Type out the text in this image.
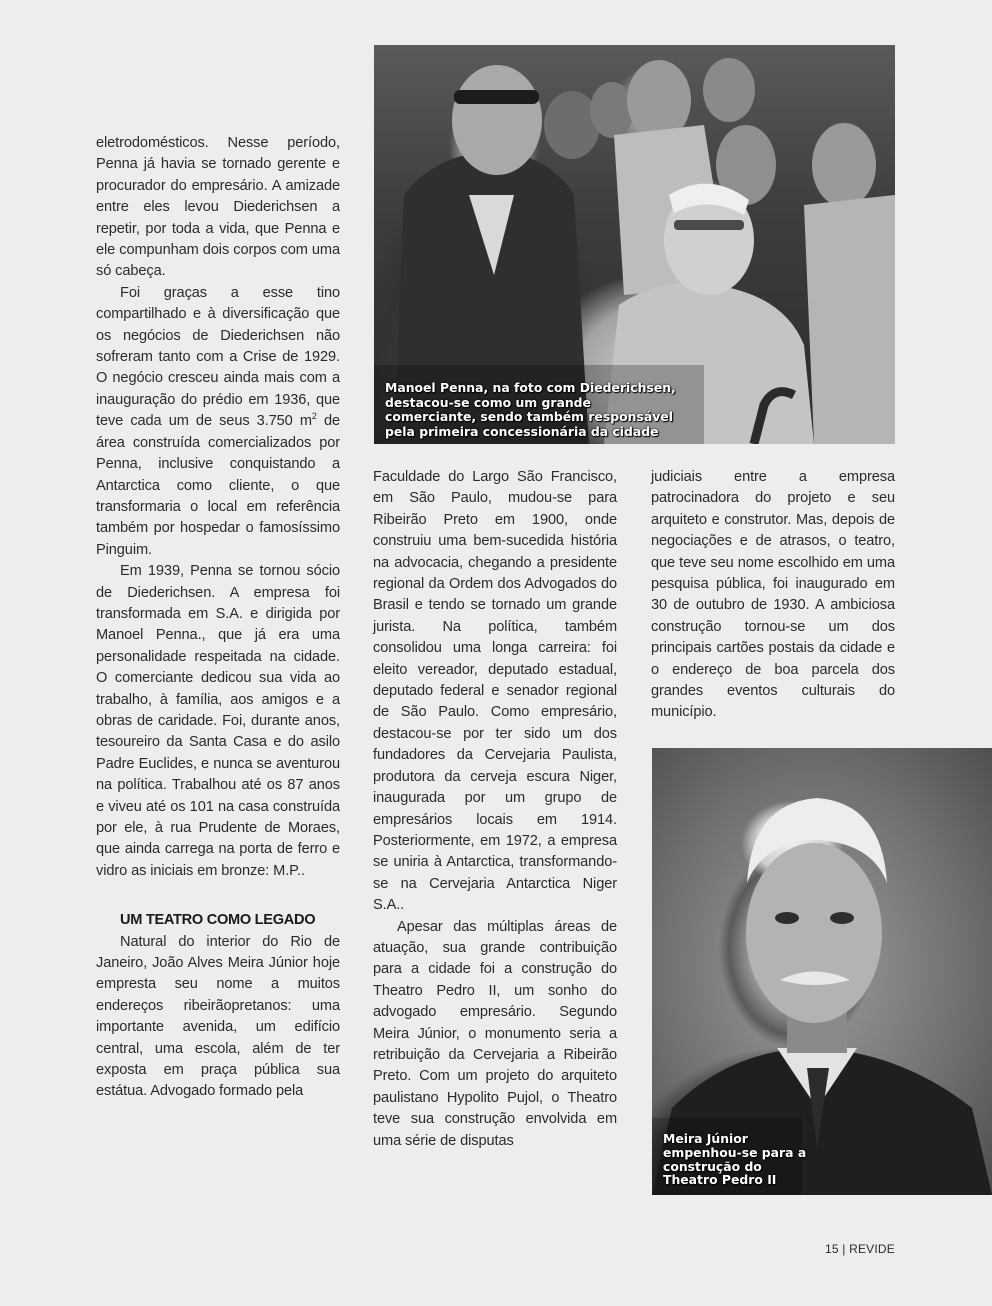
eletrodomésticos. Nesse período, Penna já havia se tornado gerente e procurador do empresário. A amizade entre eles levou Diederichsen a repetir, por toda a vida, que Penna e ele compunham dois corpos com uma só cabeça.

Foi graças a esse tino compartilhado e à diversificação que os negócios de Diederichsen não sofreram tanto com a Crise de 1929. O negócio cresceu ainda mais com a inauguração do prédio em 1936, que teve cada um de seus 3.750 $m^2$ de área construída comercializados por Penna, inclusive conquistando a Antarctica como cliente, o que transformaria o local em referência também por hospedar o famosíssimo Pinguim.

Em 1939, Penna se tornou sócio de Diederichsen. A empresa foi transformada em S.A. e dirigida por Manoel Penna., que já era uma personalidade respeitada na cidade. O comerciante dedicou sua vida ao trabalho, à família, aos amigos e a obras de caridade. Foi, durante anos, tesoureiro da Santa Casa e do asilo Padre Euclides, e nunca se aventurou na política. Trabalhou até os 87 anos e viveu até os 101 na casa construída por ele, à rua Prudente de Moraes, que ainda carrega na porta de ferro e vidro as iniciais em bronze: M.P..

UM TEATRO COMO LEGADO

Natural do interior do Rio de Janeiro, João Alves Meira Júnior hoje empresta seu nome a muitos endereços ribeirãopretanos: uma importante avenida, um edifício central, uma escola, além de ter exposta em praça pública sua estátua. Advogado formado pela

Faculdade do Largo São Francisco, em São Paulo, mudou-se para Ribeirão Preto em 1900, onde construiu uma bem-sucedida história na advocacia, chegando a presidente regional da Ordem dos Advogados do Brasil e tendo se tornado um grande jurista. Na política, também consolidou uma longa carreira: foi eleito vereador, deputado estadual, deputado federal e senador regional de São Paulo. Como empresário, destacou-se por ter sido um dos fundadores da Cervejaria Paulista, produtora da cerveja escura Niger, inaugurada por um grupo de empresários locais em 1914. Posteriormente, em 1972, a empresa se uniria à Antarctica, transformando-se na Cervejaria Antarctica Niger S.A..

Apesar das múltiplas áreas de atuação, sua grande contribuição para a cidade foi a construção do Theatro Pedro II, um sonho do advogado empresário. Segundo Meira Júnior, o monumento seria a retribuição da Cervejaria a Ribeirão Preto. Com um projeto do arquiteto paulistano Hypolito Pujol, o Theatro teve sua construção envolvida em uma série de disputas

judiciais entre a empresa patrocinadora do projeto e seu arquiteto e construtor. Mas, depois de negociações e de atrasos, o teatro, que teve seu nome escolhido em uma pesquisa pública, foi inaugurado em 30 de outubro de 1930. A ambiciosa construção tornou-se um dos principais cartões postais da cidade e o endereço de boa parcela dos grandes eventos culturais do município.

Manoel Penna, na foto com Diederichsen, destacou-se como um grande comerciante, sendo também responsável pela primeira concessionária da cidade
Meira Júnior empenhou-se para a construção do Theatro Pedro II
15 | REVIDE
